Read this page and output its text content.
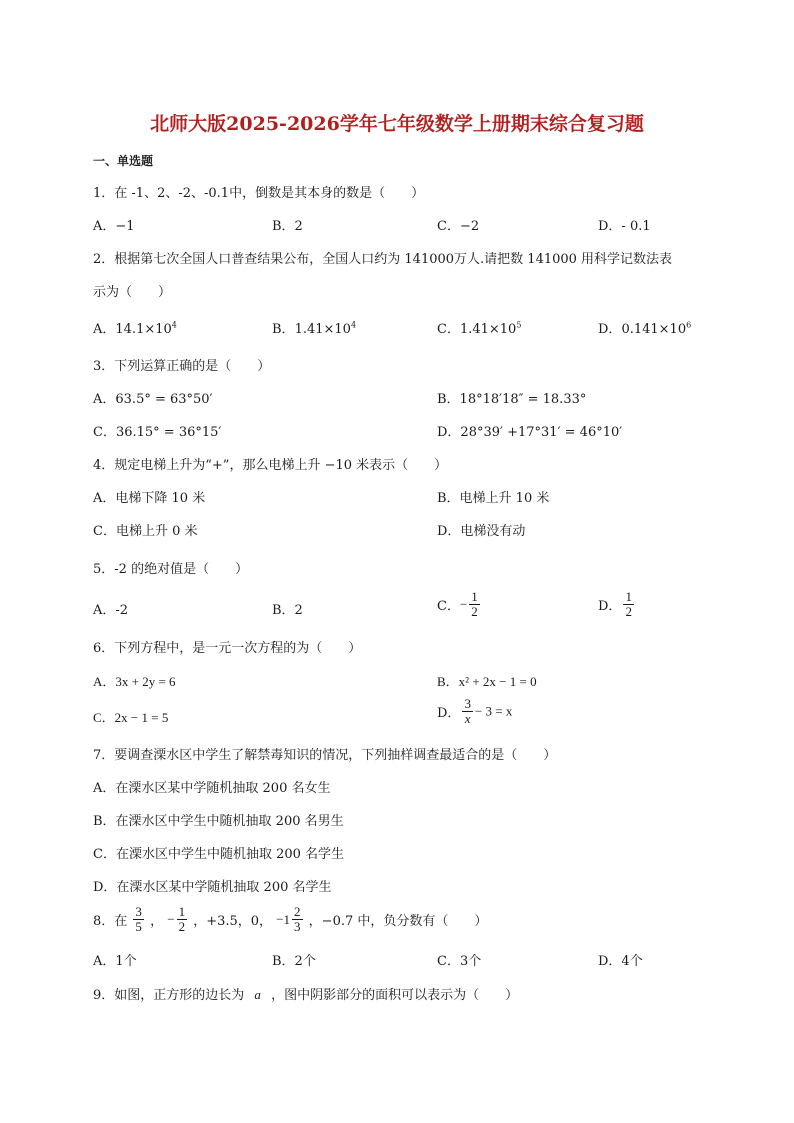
北师大版2025-2026学年七年级数学上册期末综合复习题
一、单选题
1．在 -1、2、-2、-0.1中，倒数是其本身的数是（　　）
A．−1	B．2	C．−2	D．- 0.1
2．根据第七次全国人口普查结果公布，全国人口约为 141000万人.请把数 141000 用科学记数法表
示为（　　）
A．$14.1\times 10^4$	B．$1.41\times 10^4$	C．$1.41\times 10^5$	D．$0.141\times 10^6$
3．下列运算正确的是（　　）
A．63.5° = 63°50′	B．18°18′18″ = 18.33°
C．36.15° = 36°15′	D．28°39′ +17°31′ = 46°10′
4．规定电梯上升为“+”，那么电梯上升 −10 米表示（　　）
A．电梯下降 10 米	B．电梯上升 10 米
C．电梯上升 0 米	D．电梯没有动
5．-2 的绝对值是（　　）
A．-2	B．2	C．− $\frac{1}{2}$	D． $\frac{1}{2}$
6．下列方程中，是一元一次方程的为（　　）
A．3x + 2y = 6	B．x² + 2x − 1 = 0
C．2x − 1 = 5	D． $\frac{3}{x} - 3 = x$
7．要调查溧水区中学生了解禁毒知识的情况，下列抽样调查最适合的是（　　）
A．在溧水区某中学随机抽取 200 名女生
B．在溧水区中学生中随机抽取 200 名男生
C．在溧水区中学生中随机抽取 200 名学生
D．在溧水区某中学随机抽取 200 名学生
8．在 $\frac{3}{5}$ ， − $\frac{1}{2}$ ，+3.5，0， $-1 \frac{2}{3}$ ，−0.7 中，负分数有（　　）
A．1个	B．2个	C．3个	D．4个
9．如图，正方形的边长为 a ，图中阴影部分的面积可以表示为（　　）
